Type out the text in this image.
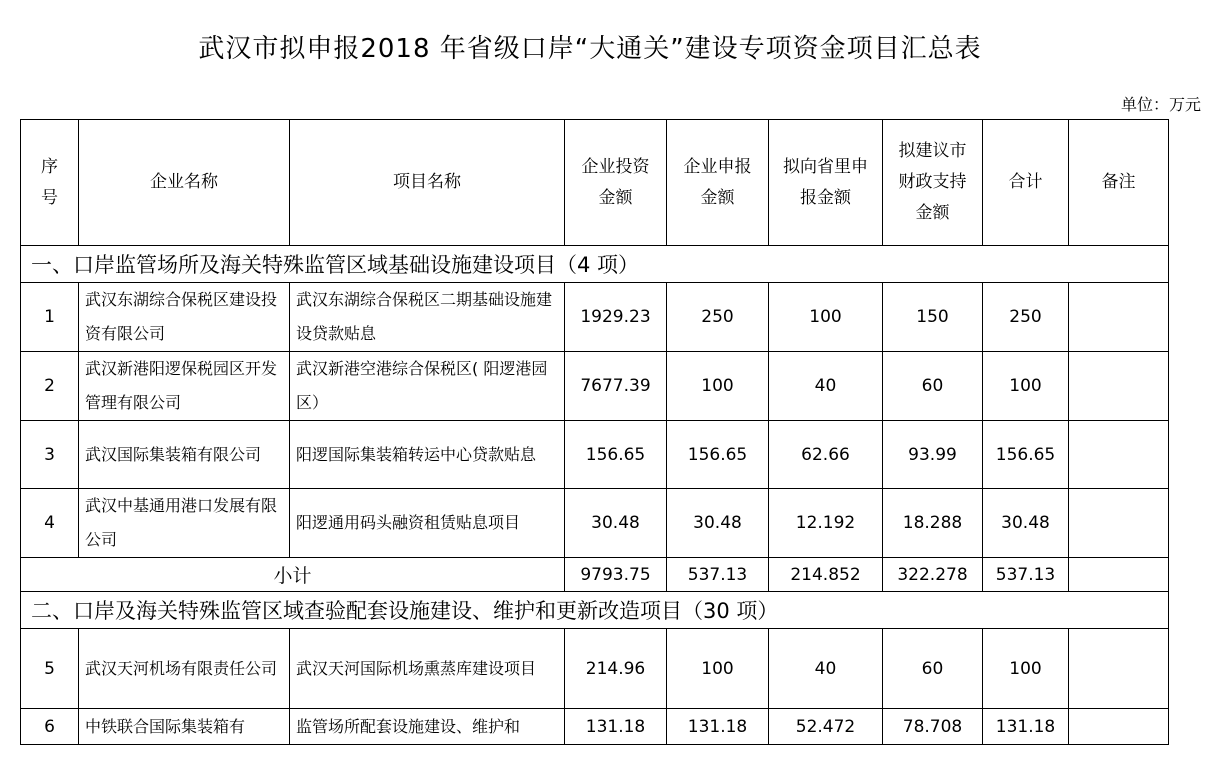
武汉市拟申报2018 年省级口岸“大通关”建设专项资金项目汇总表
单位：万元
序号	企业名称	项目名称	企业投资金额	企业申报金额	拟向省里申报金额	拟建议市财政支持金额	合计	备注
一、口岸监管场所及海关特殊监管区域基础设施建设项目（4 项）								
1	武汉东湖综合保税区建设投资有限公司	武汉东湖综合保税区二期基础设施建设贷款贴息	1929.23	250	100	150	250	
2	武汉新港阳逻保税园区开发管理有限公司	武汉新港空港综合保税区( 阳逻港园区）	7677.39	100	40	60	100	
3	武汉国际集装箱有限公司	阳逻国际集装箱转运中心贷款贴息	156.65	156.65	62.66	93.99	156.65	
4	武汉中基通用港口发展有限公司	阳逻通用码头融资租赁贴息项目	30.48	30.48	12.192	18.288	30.48	
小计			9793.75	537.13	214.852	322.278	537.13	
二、口岸及海关特殊监管区域查验配套设施建设、维护和更新改造项目（30 项）								
5	武汉天河机场有限责任公司	武汉天河国际机场熏蒸库建设项目	214.96	100	40	60	100	
6	中铁联合国际集装箱有	监管场所配套设施建设、维护和	131.18	131.18	52.472	78.708	131.18	
